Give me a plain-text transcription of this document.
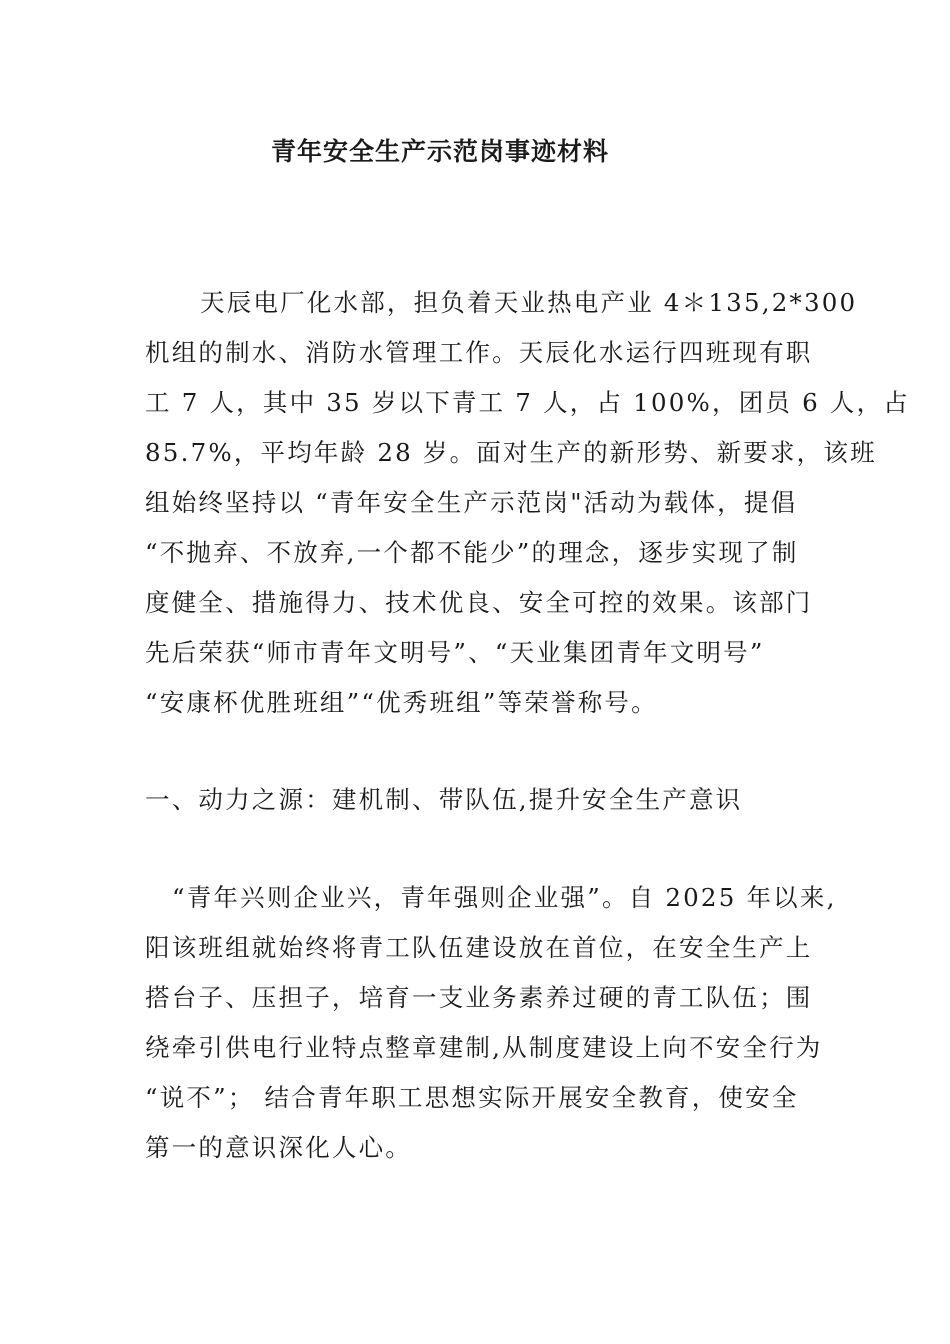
青年安全生产示范岗事迹材料

天辰电厂化水部，担负着天业热电产业 4＊135,2*300

机组的制水、消防水管理工作。天辰化水运行四班现有职

工 7 人，其中 35 岁以下青工 7 人，占 100%，团员 6 人，占

85.7%，平均年龄 28 岁。面对生产的新形势、新要求，该班

组始终坚持以 “青年安全生产示范岗"活动为载体，提倡

“不抛弃、不放弃,一个都不能少”的理念，逐步实现了制

度健全、措施得力、技术优良、安全可控的效果。该部门

先后荣获“师市青年文明号”、“天业集团青年文明号”

“安康杯优胜班组”“优秀班组”等荣誉称号。

一、动力之源：建机制、带队伍,提升安全生产意识

“青年兴则企业兴，青年强则企业强”。自 2025 年以来,

阳该班组就始终将青工队伍建设放在首位，在安全生产上

搭台子、压担子，培育一支业务素养过硬的青工队伍；围

绕牵引供电行业特点整章建制,从制度建设上向不安全行为

“说不”； 结合青年职工思想实际开展安全教育，使安全

第一的意识深化人心。
